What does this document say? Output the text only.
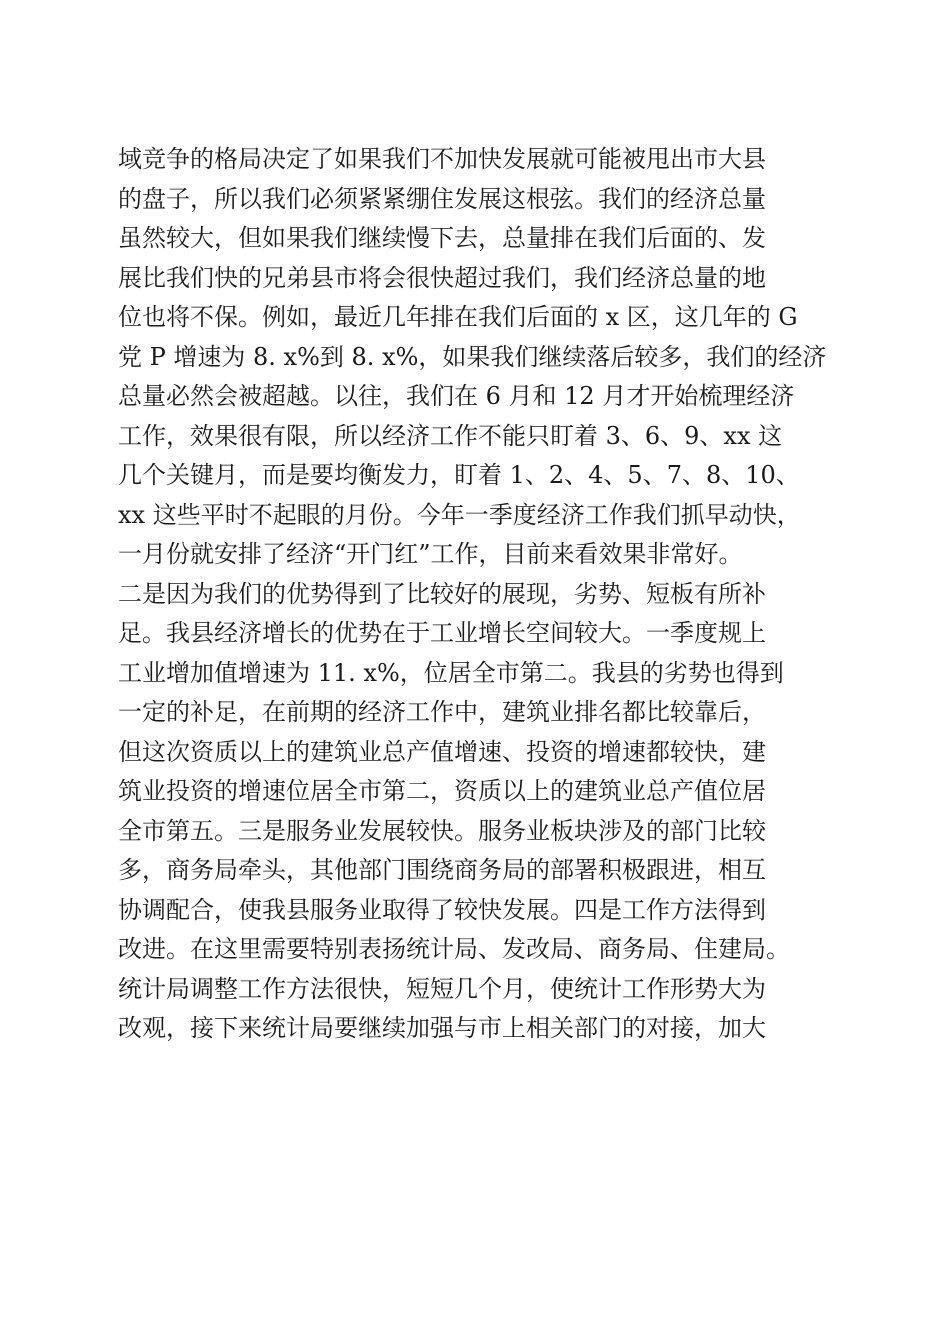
域竞争的格局决定了如果我们不加快发展就可能被甩出市大县
的盘子，所以我们必须紧紧绷住发展这根弦。我们的经济总量
虽然较大，但如果我们继续慢下去，总量排在我们后面的、发
展比我们快的兄弟县市将会很快超过我们，我们经济总量的地
位也将不保。例如，最近几年排在我们后面的 x 区，这几年的 G
党 P 增速为 8. x%到 8. x%，如果我们继续落后较多，我们的经济
总量必然会被超越。以往，我们在 6 月和 12 月才开始梳理经济
工作，效果很有限，所以经济工作不能只盯着 3、6、9、xx 这
几个关键月，而是要均衡发力，盯着 1、2、4、5、7、8、10、
xx 这些平时不起眼的月份。今年一季度经济工作我们抓早动快，
一月份就安排了经济“开门红”工作，目前来看效果非常好。
二是因为我们的优势得到了比较好的展现，劣势、短板有所补
足。我县经济增长的优势在于工业增长空间较大。一季度规上
工业增加值增速为 11. x%，位居全市第二。我县的劣势也得到
一定的补足，在前期的经济工作中，建筑业排名都比较靠后，
但这次资质以上的建筑业总产值增速、投资的增速都较快，建
筑业投资的增速位居全市第二，资质以上的建筑业总产值位居
全市第五。三是服务业发展较快。服务业板块涉及的部门比较
多，商务局牵头，其他部门围绕商务局的部署积极跟进，相互
协调配合，使我县服务业取得了较快发展。四是工作方法得到
改进。在这里需要特别表扬统计局、发改局、商务局、住建局。
统计局调整工作方法很快，短短几个月，使统计工作形势大为
改观，接下来统计局要继续加强与市上相关部门的对接，加大
